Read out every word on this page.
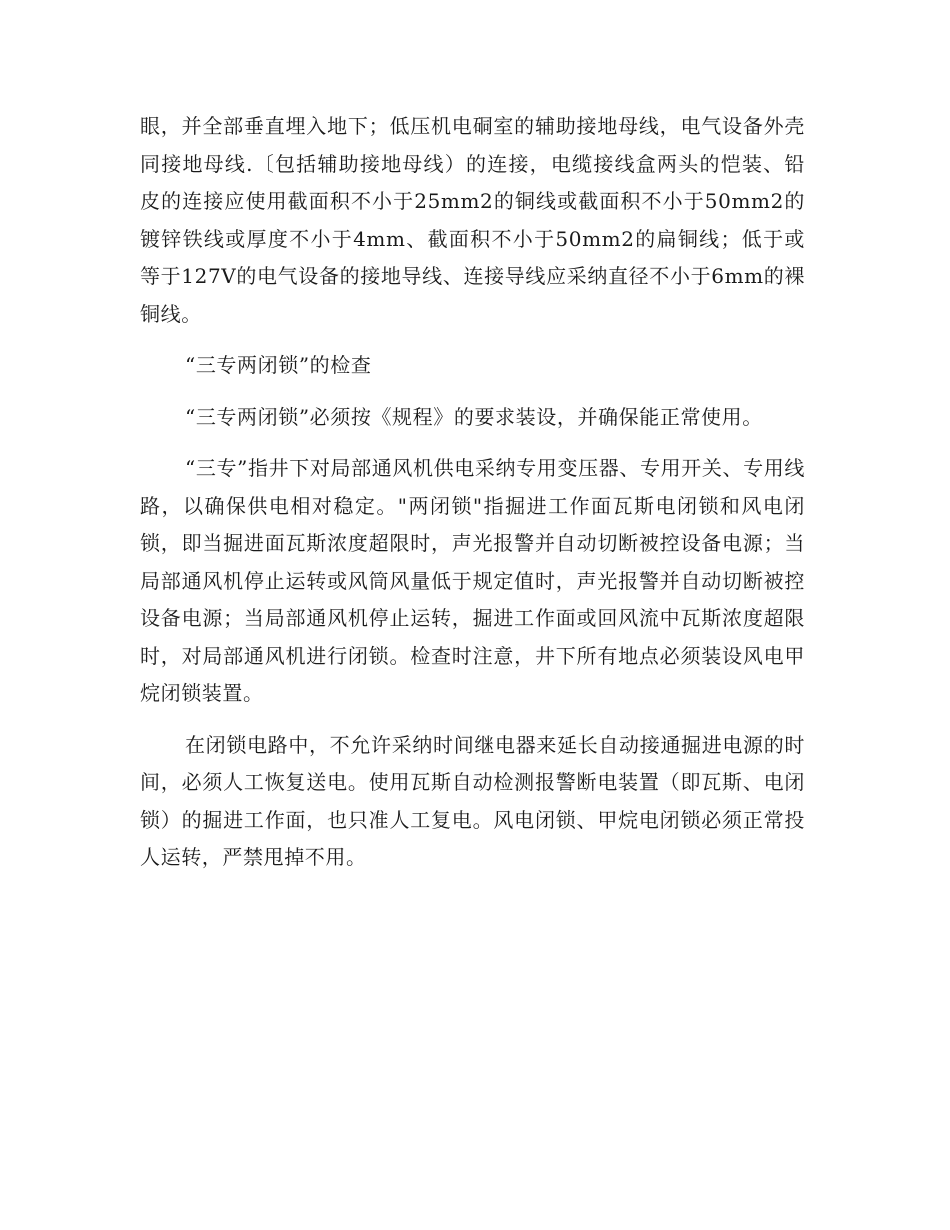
眼，并全部垂直埋入地下；低压机电硐室的辅助接地母线，电气设备外壳同接地母线.〔包括辅助接地母线）的连接，电缆接线盒两头的恺装、铅皮的连接应使用截面积不小于25mm2的铜线或截面积不小于50mm2的镀锌铁线或厚度不小于4mm、截面积不小于50mm2的扁铜线；低于或等于127V的电气设备的接地导线、连接导线应采纳直径不小于6mm的裸铜线。

“三专两闭锁”的检查

“三专两闭锁”必须按《规程》的要求装设，并确保能正常使用。

“三专”指井下对局部通风机供电采纳专用变压器、专用开关、专用线路，以确保供电相对稳定。"两闭锁"指掘进工作面瓦斯电闭锁和风电闭锁，即当掘进面瓦斯浓度超限时，声光报警并自动切断被控设备电源；当局部通风机停止运转或风筒风量低于规定值时，声光报警并自动切断被控设备电源；当局部通风机停止运转，掘进工作面或回风流中瓦斯浓度超限时，对局部通风机进行闭锁。检查时注意，井下所有地点必须装设风电甲烷闭锁装置。

在闭锁电路中，不允许采纳时间继电器来延长自动接通掘进电源的时间，必须人工恢复送电。使用瓦斯自动检测报警断电装置（即瓦斯、电闭锁）的掘进工作面，也只准人工复电。风电闭锁、甲烷电闭锁必须正常投人运转，严禁甩掉不用。
